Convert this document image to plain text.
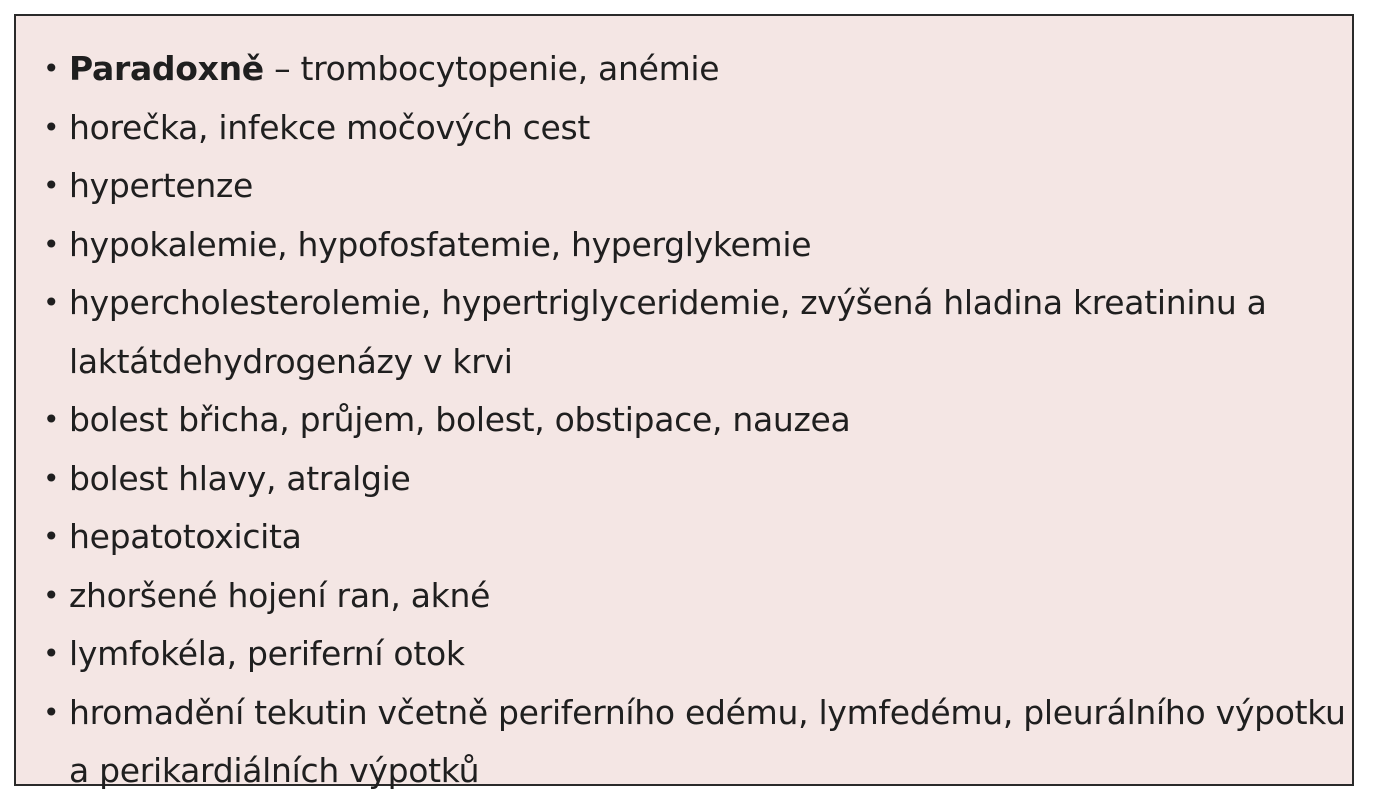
• Paradoxně – trombocytopenie, anémie
• horečka, infekce močových cest
• hypertenze
• hypokalemie, hypofosfatemie, hyperglykemie
• hypercholesterolemie, hypertriglyceridemie, zvýšená hladina kreatininu a laktátdehydrogenázy v krvi
• bolest břicha, průjem, bolest, obstipace, nauzea
• bolest hlavy, atralgie
• hepatotoxicita
• zhoršené hojení ran, akné
• lymfokéla, periferní otok
• hromadění tekutin včetně periferního edému, lymfedému, pleurálního výpotku a perikardiálních výpotků
